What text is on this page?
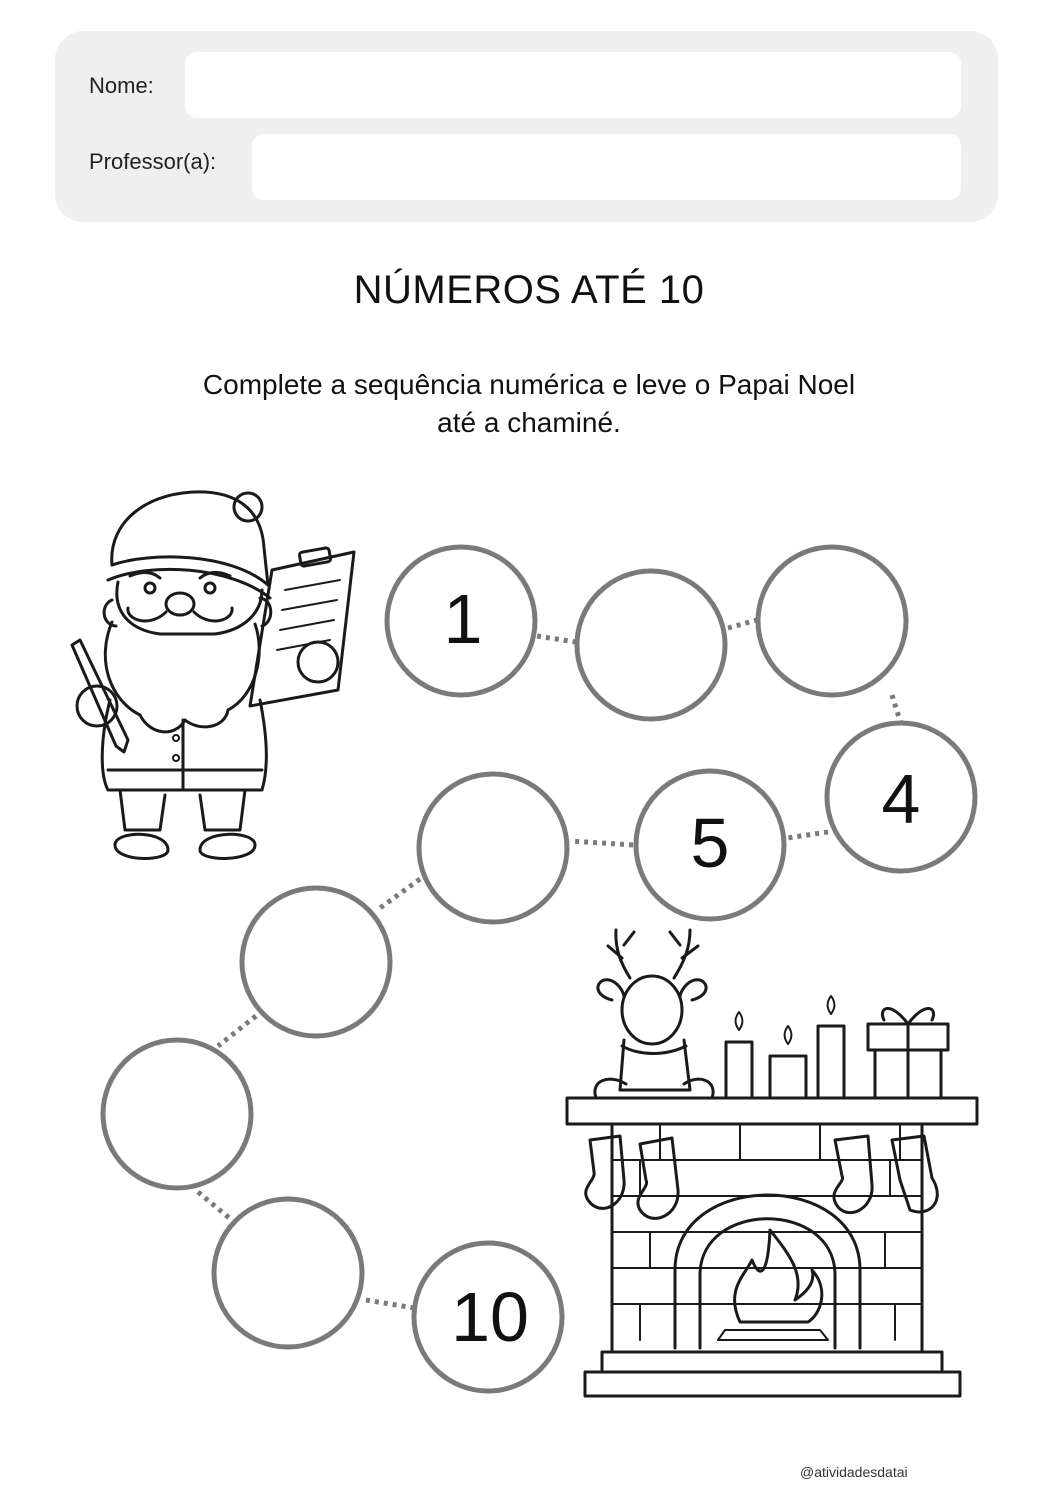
Nome:
Professor(a):
NÚMEROS ATÉ 10
Complete a sequência numérica e leve o Papai Noel
até a chaminé.
1
4
5
10
@atividadesdatai
